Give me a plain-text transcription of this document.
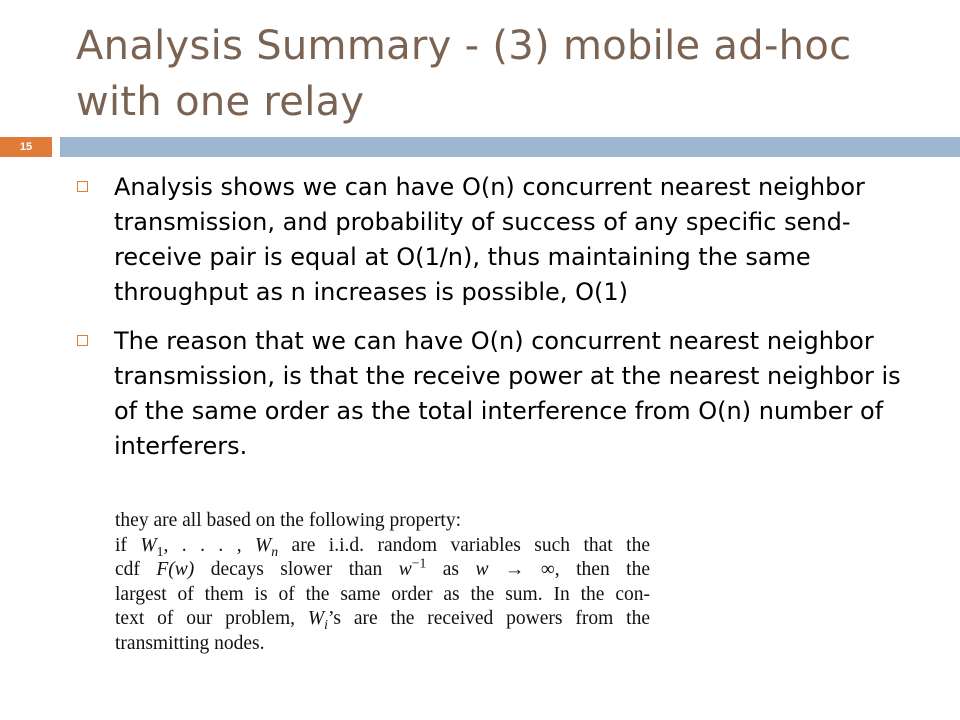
Analysis Summary - (3) mobile ad-hoc with one relay
15
Analysis shows we can have O(n) concurrent nearest neighbor transmission, and probability of success of any specific send-receive pair is equal at O(1/n), thus maintaining the same throughput as n increases is possible, O(1)
The reason that we can have O(n) concurrent nearest neighbor transmission, is that the receive power at the nearest neighbor is of the same order as the total interference from O(n) number of interferers.
they are all based on the following property:
if $W_1$, . . . , $W_n$ are i.i.d. random variables such that the
cdf F(w) decays slower than $w^{-1}$ as w → ∞, then the
largest of them is of the same order as the sum. In the con-
text of our problem, $W_i’s$ are the received powers from the
transmitting nodes.
